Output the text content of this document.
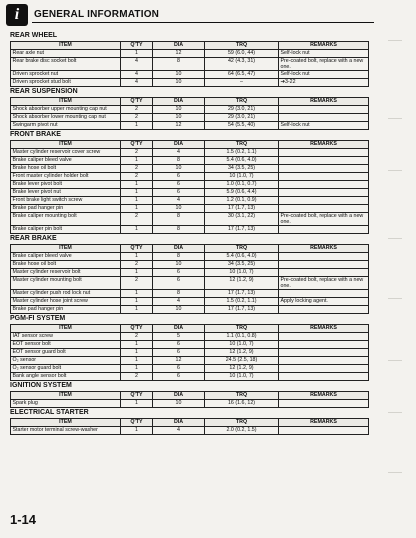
i	GENERAL INFORMATION
REAR WHEEL
ITEM	Q'TY	DIA	TRQ	REMARKS
Rear axle nut	1	12	59 (6.0, 44)	Self-lock nut
Rear brake disc socket bolt	4	8	42 (4.3, 31)	Pre-coated bolt, replace with a new one.
Driven sprocket nut	4	10	64 (6.5, 47)	Self-lock nut
Driven sprocket stud bolt	4	10	–	➔3-22
REAR SUSPENSION
ITEM	Q'TY	DIA	TRQ	REMARKS
Shock absorber upper mounting cap nut	2	10	29 (3.0, 21)	
Shock absorber lower mounting cap nut	2	10	29 (3.0, 21)	
Swingarm pivot nut	1	12	54 (5.5, 40)	Self-lock nut
FRONT BRAKE
ITEM	Q'TY	DIA	TRQ	REMARKS
Master cylinder reservoir cover screw	2	4	1.5 (0.2, 1.1)	
Brake caliper bleed valve	1	8	5.4 (0.6, 4.0)	
Brake hose oil bolt	2	10	34 (3.5, 25)	
Front master cylinder holder bolt	2	6	10 (1.0, 7)	
Brake lever pivot bolt	1	6	1.0 (0.1, 0.7)	
Brake lever pivot nut	1	6	5.9 (0.6, 4.4)	
Front brake light switch screw	1	4	1.2 (0.1, 0.9)	
Brake pad hanger pin	1	10	17 (1.7, 13)	
Brake caliper mounting bolt	2	8	30 (3.1, 22)	Pre-coated bolt, replace with a new one.
Brake caliper pin bolt	1	8	17 (1.7, 13)	
REAR BRAKE
ITEM	Q'TY	DIA	TRQ	REMARKS
Brake caliper bleed valve	1	8	5.4 (0.6, 4.0)	
Brake hose oil bolt	2	10	34 (3.5, 25)	
Master cylinder reservoir bolt	1	6	10 (1.0, 7)	
Master cylinder mounting bolt	2	6	12 (1.2, 9)	Pre-coated bolt, replace with a new one.
Master cylinder push rod lock nut	1	8	17 (1.7, 13)	
Master cylinder hose joint screw	1	4	1.5 (0.2, 1.1)	Apply locking agent.
Brake pad hanger pin	1	10	17 (1.7, 13)	
PGM-FI SYSTEM
ITEM	Q'TY	DIA	TRQ	REMARKS
IAT sensor screw	2	5	1.1 (0.1, 0.8)	
EOT sensor bolt	1	6	10 (1.0, 7)	
EOT sensor guard bolt	1	6	12 (1.2, 9)	
O₂ sensor	1	12	24.5 (2.5, 18)	
O₂ sensor guard bolt	1	6	12 (1.2, 9)	
Bank angle sensor bolt	2	6	10 (1.0, 7)	
IGNITION SYSTEM
ITEM	Q'TY	DIA	TRQ	REMARKS
Spark plug	1	10	16 (1.6, 12)	
ELECTRICAL STARTER
ITEM	Q'TY	DIA	TRQ	REMARKS
Starter motor terminal screw-washer	1	4	2.0 (0.2, 1.5)	
1-14
